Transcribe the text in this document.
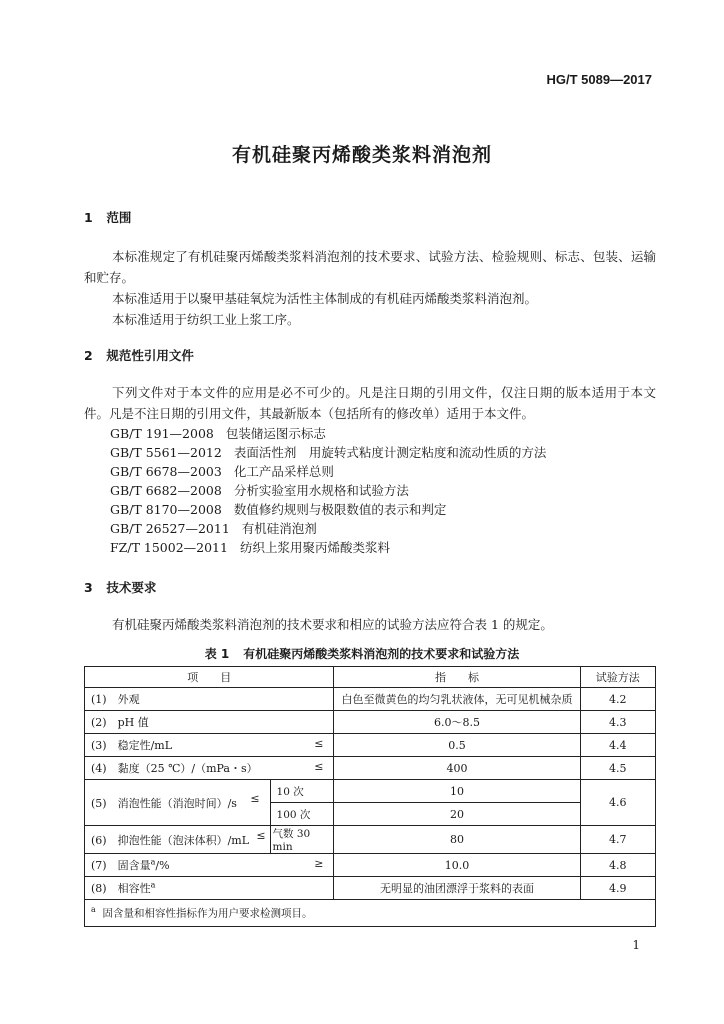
HG/T 5089—2017
有机硅聚丙烯酸类浆料消泡剂
1 范围

本标准规定了有机硅聚丙烯酸类浆料消泡剂的技术要求、试验方法、检验规则、标志、包装、运输和贮存。

本标准适用于以聚甲基硅氧烷为活性主体制成的有机硅丙烯酸类浆料消泡剂。

本标准适用于纺织工业上浆工序。

2 规范性引用文件

下列文件对于本文件的应用是必不可少的。凡是注日期的引用文件，仅注日期的版本适用于本文件。凡是不注日期的引用文件，其最新版本（包括所有的修改单）适用于本文件。

GB/T 191—2008 包装储运图示标志
GB/T 5561—2012 表面活性剂　用旋转式粘度计测定粘度和流动性质的方法
GB/T 6678—2003 化工产品采样总则
GB/T 6682—2008 分析实验室用水规格和试验方法
GB/T 8170—2008 数值修约规则与极限数值的表示和判定
GB/T 26527—2011 有机硅消泡剂
FZ/T 15002—2011 纺织上浆用聚丙烯酸类浆料
3 技术要求

有机硅聚丙烯酸类浆料消泡剂的技术要求和相应的试验方法应符合表 1 的规定。

表 1 有机硅聚丙烯酸类浆料消泡剂的技术要求和试验方法
项　　目		指　　标	试验方法
(1)　外观		白色至微黄色的均匀乳状液体，无可见机械杂质	4.2
(2)　pH 值		6.0～8.5	4.3
(3)　稳定性/mL ≤		0.5	4.4
(4)　黏度（25 ℃）/（mPa・s） ≤		400	4.5
(5)　消泡性能（消泡时间）/s ≤	10 次	10	4.6
	100 次	20	
(6)　抑泡性能（泡沫体积）/mL ≤	气数 30 min	80	4.7
(7)　固含量$^a$/% ≥		10.0	4.8
(8)　相容性$^a$		无明显的油团漂浮于浆料的表面	4.9
$^a$ 固含量和相容性指标作为用户要求检测项目。			
1
